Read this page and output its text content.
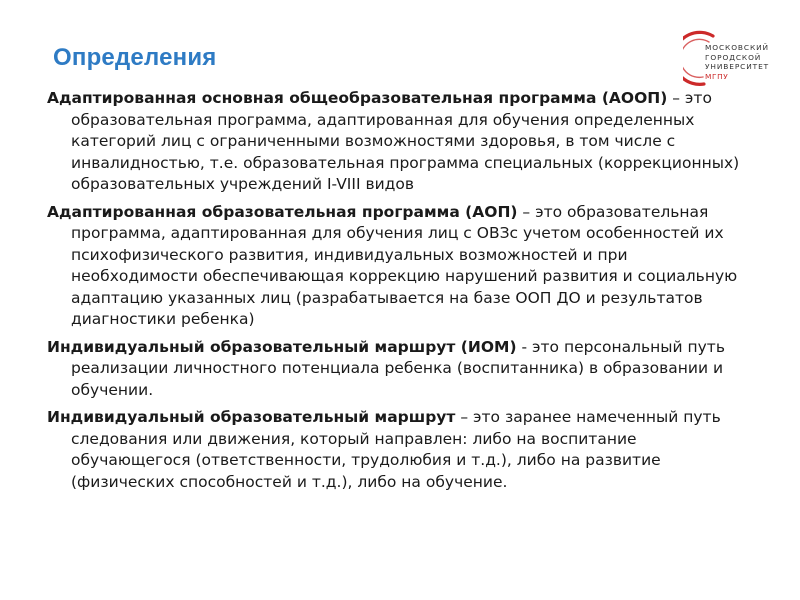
Определения	МОСКОВСКИЙ
ГОРОДСКОЙ
УНИВЕРСИТЕТ
МГПУ

Адаптированная основная общеобразовательная программа (АООП) – это образовательная программа, адаптированная для обучения определенных категорий лиц с ограниченными возможностями здоровья, в том числе с инвалидностью, т.е. образовательная программа специальных (коррекционных) образовательных учреждений I-VIII видов

Адаптированная образовательная программа (АОП) – это образовательная программа, адаптированная для обучения лиц с ОВЗс учетом особенностей их психофизического развития, индивидуальных возможностей и при необходимости обеспечивающая коррекцию нарушений развития и социальную адаптацию указанных лиц (разрабатывается на базе ООП ДО и результатов диагностики ребенка)

Индивидуальный образовательный маршрут (ИОМ) - это персональный путь реализации личностного потенциала ребенка (воспитанника) в образовании и обучении.

Индивидуальный образовательный маршрут – это заранее намеченный путь следования или движения, который направлен: либо на воспитание обучающегося (ответственности, трудолюбия и т.д.), либо на развитие (физических способностей и т.д.), либо на обучение.
